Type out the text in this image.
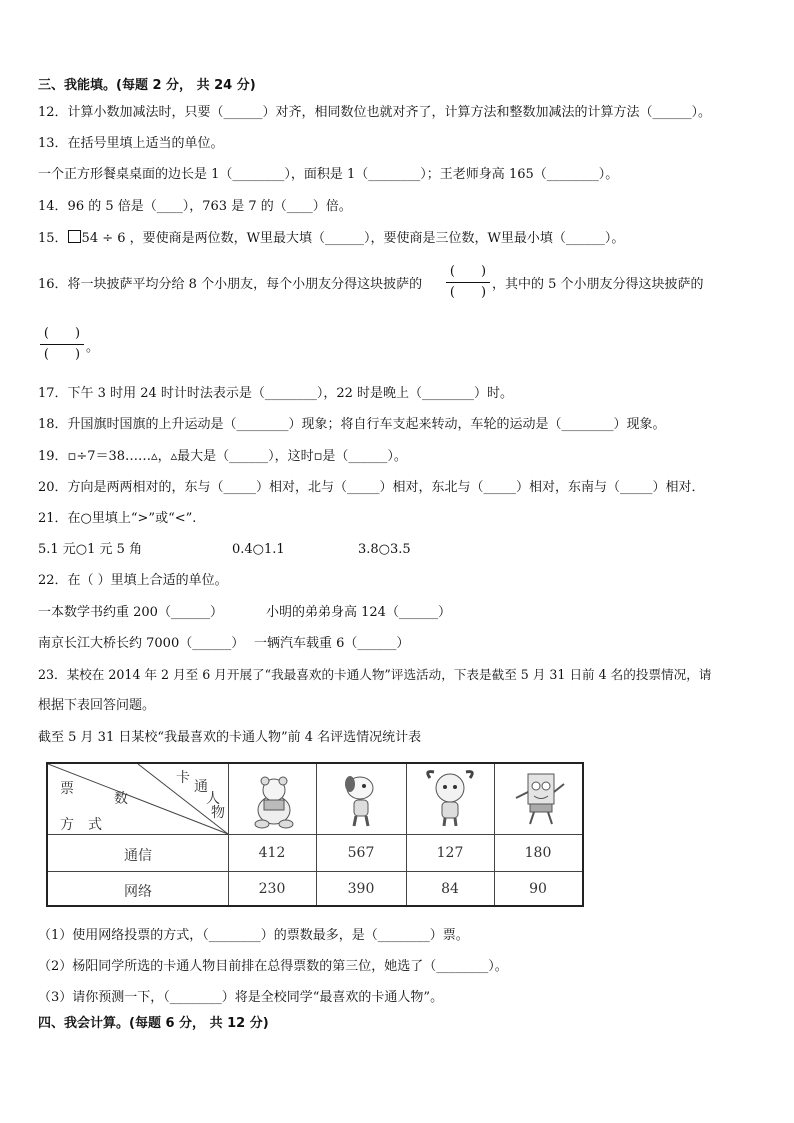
三、我能填。(每题 2 分， 共 24 分)
12．计算小数加减法时，只要（______）对齐，相同数位也就对齐了，计算方法和整数加减法的计算方法（______）。
13．在括号里填上适当的单位。
一个正方形餐桌桌面的边长是 1（________），面积是 1（________）；王老师身高 165（________）。
14．96 的 5 倍是（____），763 是 7 的（____）倍。
15． 54 ÷ 6 ，要使商是两位数，W里最大填（______），要使商是三位数，W里最小填（______）。
16．将一块披萨平均分给 8 个小朋友，每个小朋友分得这块披萨的
(　　)
(　　)
，其中的 5 个小朋友分得这块披萨的
(　　)
(　　) 。
17．下午 3 时用 24 时计时法表示是（________），22 时是晚上（________）时。
18．升国旗时国旗的上升运动是（________）现象；将自行车支起来转动，车轮的运动是（________）现象。
19．▫÷7＝38……▵，▵最大是（______），这时▫是（______）。
20．方向是两两相对的，东与（_____）相对，北与（_____）相对，东北与（_____）相对，东南与（_____）相对．
21．在○里填上“>”或“<”.
5.1 元○1 元 5 角	0.4○1.1	3.8○3.5
22．在（ ）里填上合适的单位。
一本数学书约重 200（______）	小明的弟弟身高 124（______）
南京长江大桥长约 7000（______） 一辆汽车载重 6（______）
23．某校在 2014 年 2 月至 6 月开展了“我最喜欢的卡通人物”评选活动，下表是截至 5 月 31 日前 4 名的投票情况，请
根据下表回答问题。
截至 5 月 31 日某校“我最喜欢的卡通人物”前 4 名评选情况统计表
票
数
卡
通
人
物
方 式
通信	412	567	127	180
网络	230	390	84	90
（1）使用网络投票的方式，（________）的票数最多，是（________）票。
（2）杨阳同学所选的卡通人物目前排在总得票数的第三位，她选了（________）。
（3）请你预测一下，（________）将是全校同学“最喜欢的卡通人物”。
四、我会计算。(每题 6 分， 共 12 分)
